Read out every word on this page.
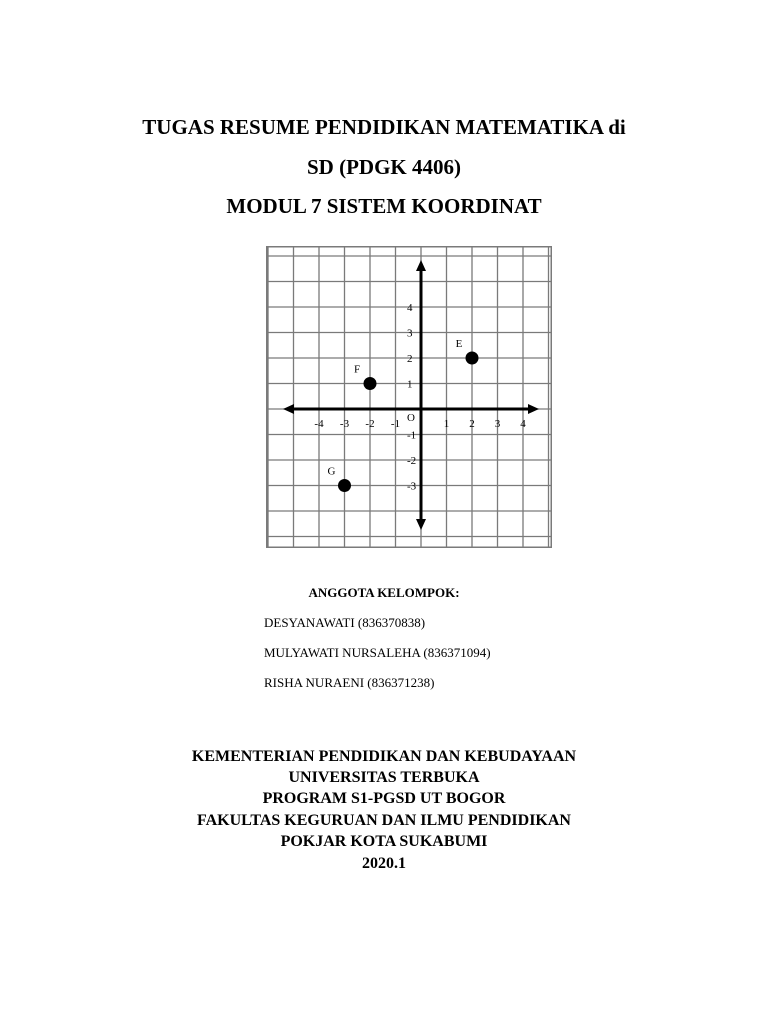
TUGAS RESUME PENDIDIKAN MATEMATIKA di
SD (PDGK 4406)
MODUL 7 SISTEM KOORDINAT
-4 -3 -2 -1	1 2 3 4
4
3
2
1
-1
-2
-3
O
E
F
G
ANGGOTA KELOMPOK:
DESYANAWATI (836370838)
MULYAWATI NURSALEHA (836371094)
RISHA NURAENI (836371238)
KEMENTERIAN PENDIDIKAN DAN KEBUDAYAAN
UNIVERSITAS TERBUKA
PROGRAM S1-PGSD UT BOGOR
FAKULTAS KEGURUAN DAN ILMU PENDIDIKAN
POKJAR KOTA SUKABUMI
2020.1
